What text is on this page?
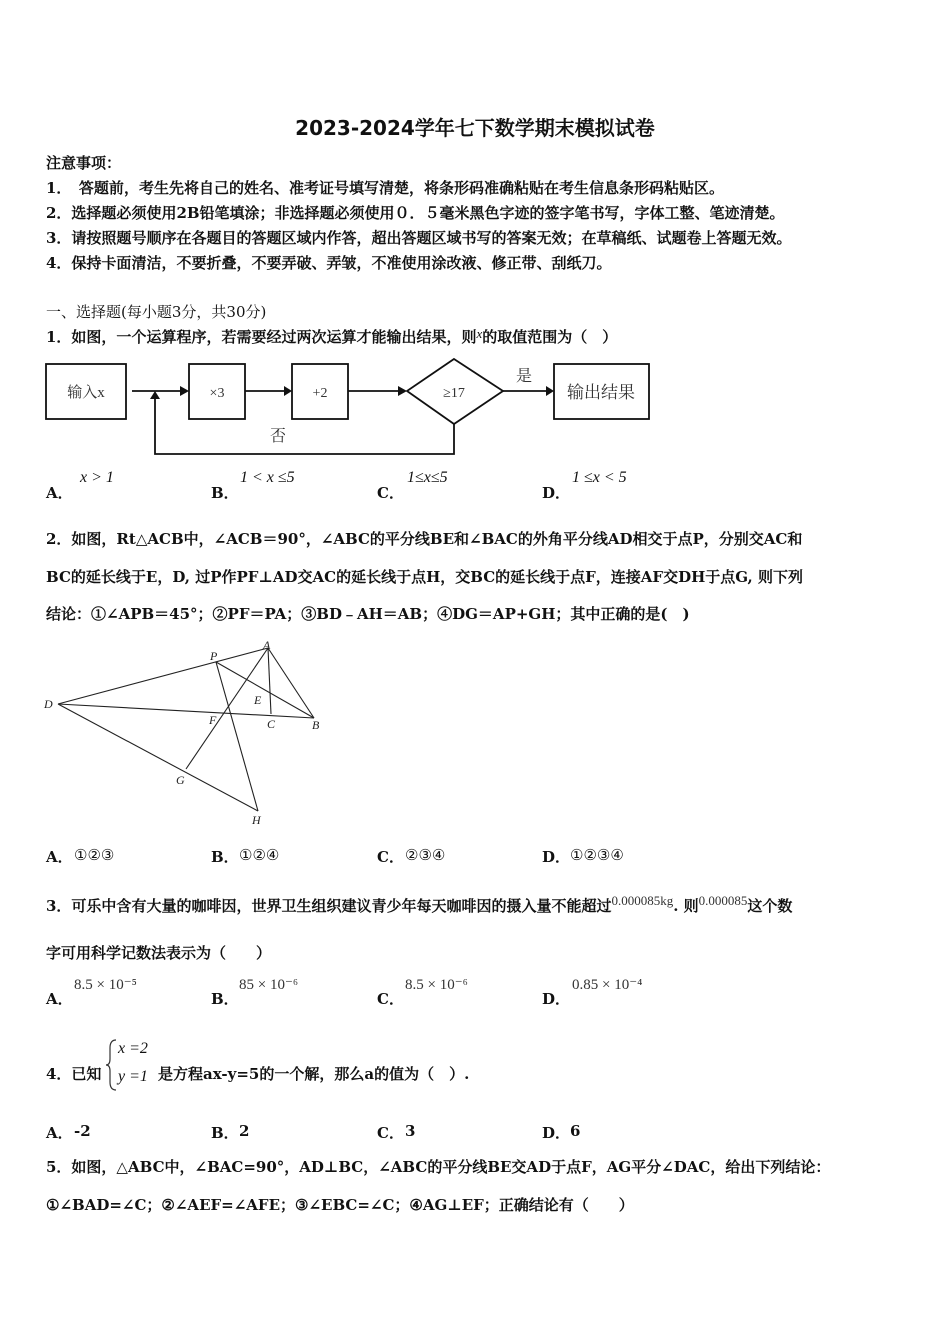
2023-2024学年七下数学期末模拟试卷
注意事项：
1．　答题前，考生先将自己的姓名、准考证号填写清楚，将条形码准确粘贴在考生信息条形码粘贴区。
2．选择题必须使用2B铅笔填涂；非选择题必须使用０．５毫米黑色字迹的签字笔书写，字体工整、笔迹清楚。
3．请按照题号顺序在各题目的答题区域内作答，超出答题区域书写的答案无效；在草稿纸、试题卷上答题无效。
4．保持卡面清洁，不要折叠，不要弄破、弄皱，不准使用涂改液、修正带、刮纸刀。
一、选择题(每小题3分，共30分)
1．如图，一个运算程序，若需要经过两次运算才能输出结果，则x的取值范围为（　）
输入x	×3	+2	≥17
是
输出结果
否
A．
x > 1
B．
1 < x ≤5
C．
1≤x≤5
D．
1 ≤x < 5
2．如图，Rt△ACB中，∠ACB＝90°，∠ABC的平分线BE和∠BAC的外角平分线AD相交于点P，分别交AC和
BC的延长线于E，D, 过P作PF⊥AD交AC的延长线于点H，交BC的延长线于点F，连接AF交DH于点G, 则下列
结论：①∠APB＝45°；②PF＝PA；③BD﹣AH＝AB；④DG＝AP+GH；其中正确的是(　)
P
A
D	E
F	C	B
G
H
A． ①②③	B． ①②④	C． ②③④	D． ①②③④
3．可乐中含有大量的咖啡因，世界卫生组织建议青少年每天咖啡因的摄入量不能超过0.000085kg. 则0.000085这个数
字可用科学记数法表示为（　　）
A．
8.5 × 10⁻⁵
B．
85 × 10⁻⁶
C．
8.5 × 10⁻⁶
D．
0.85 × 10⁻⁴
4．已知
x =2
y =1 是方程ax-y=5的一个解，那么a的值为（　）.
A． -2	B． 2	C． 3	D． 6
5．如图，△ABC中，∠BAC=90°，AD⊥BC，∠ABC的平分线BE交AD于点F，AG平分∠DAC，给出下列结论：
①∠BAD=∠C；②∠AEF=∠AFE；③∠EBC=∠C；④AG⊥EF；正确结论有（　　）
